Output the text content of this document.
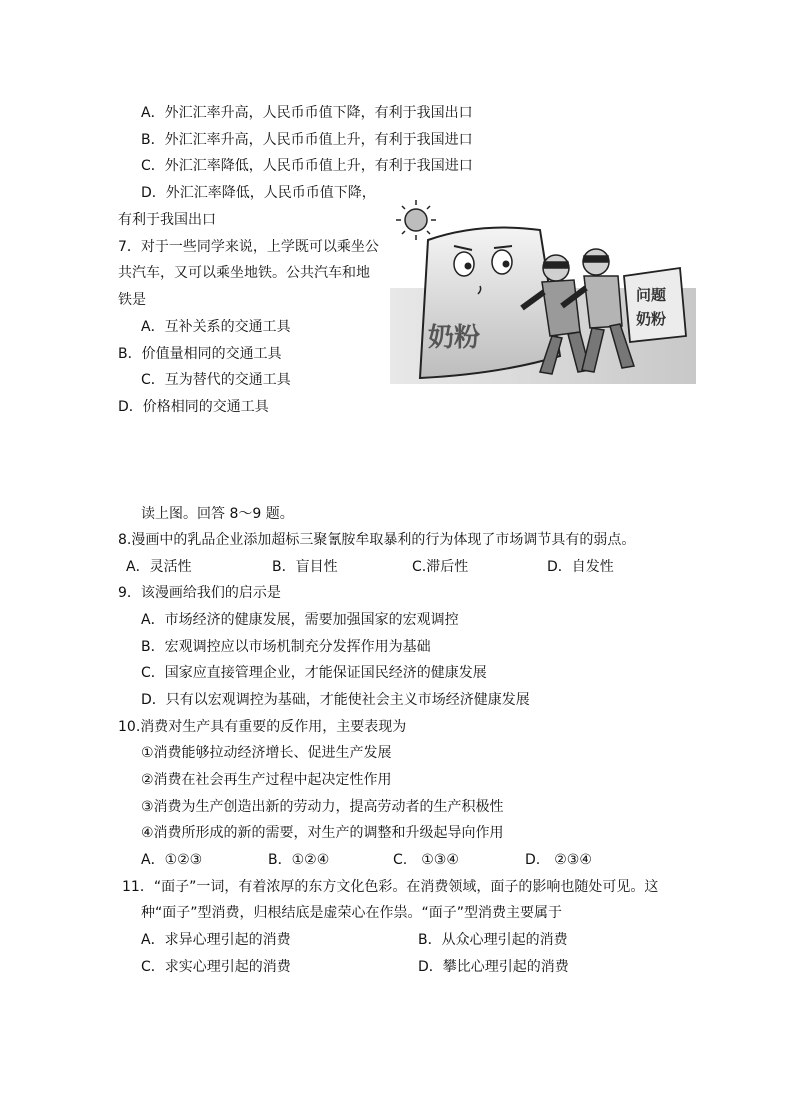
A．外汇汇率升高，人民币币值下降，有利于我国出口
B．外汇汇率升高，人民币币值上升，有利于我国进口
C．外汇汇率降低，人民币币值上升，有利于我国进口
D．外汇汇率降低，人民币币值下降，
有利于我国出口
7．对于一些同学来说，上学既可以乘坐公
共汽车，又可以乘坐地铁。公共汽车和地
铁是
A．互补关系的交通工具
B．价值量相同的交通工具
C．互为替代的交通工具
D．价格相同的交通工具
奶粉
问题
奶粉
读上图。回答 8～9 题。
8.漫画中的乳品企业添加超标三聚氰胺牟取暴利的行为体现了市场调节具有的弱点。
A．灵活性	B．盲目性	C.滞后性	D．自发性
9．该漫画给我们的启示是
A．市场经济的健康发展，需要加强国家的宏观调控
B．宏观调控应以市场机制充分发挥作用为基础
C．国家应直接管理企业，才能保证国民经济的健康发展
D．只有以宏观调控为基础，才能使社会主义市场经济健康发展
10.消费对生产具有重要的反作用，主要表现为
①消费能够拉动经济增长、促进生产发展
②消费在社会再生产过程中起决定性作用
③消费为生产创造出新的劳动力，提高劳动者的生产积极性
④消费所形成的新的需要，对生产的调整和升级起导向作用
A．①②③	B．①②④	C.　①③④	D.　②③④
11．“面子”一词，有着浓厚的东方文化色彩。在消费领域，面子的影响也随处可见。这
种“面子”型消费，归根结底是虚荣心在作祟。“面子”型消费主要属于
A．求异心理引起的消费	B．从众心理引起的消费
C．求实心理引起的消费	D．攀比心理引起的消费
